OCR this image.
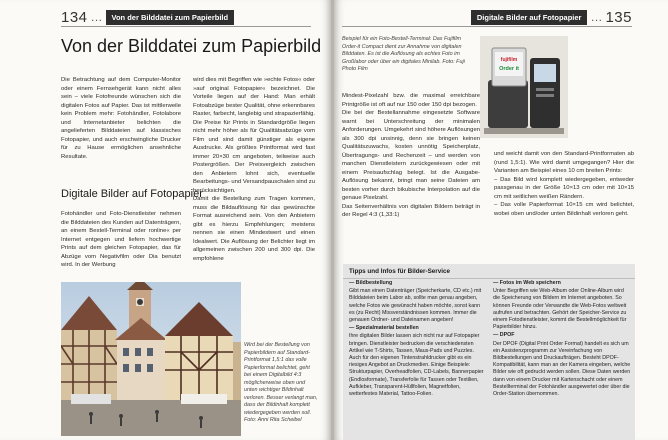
134 …	Von der Bilddatei zum Papierbild
Von der Bilddatei zum Papierbild

Die Betrachtung auf dem Computer-Monitor oder einem Fernsehgerät kann nicht alles sein – viele Fotofreunde wünschen sich die digitalen Fotos auf Papier. Das ist mittlerweile kein Problem mehr: Fotohändler, Fotolabore und Internetanbieter belichten die angelieferten Bilddateien auf klassisches Fotopapier, und auch erschwingliche Drucker für zu Hause ermöglichen ansehnliche Resultate.

Digitale Bilder auf Fotopapier

Fotohändler und Foto-Dienstleister nehmen die Bilddateien des Kunden auf Datenträgern, an einem Bestell-Terminal oder ronline« per Internet entgegen und liefern hochwertige Prints auf dem gleichen Fotopapier, das für Abzüge vom Negativfilm oder Dia benutzt wird. In der Werbung

wird dies mit Begriffen wie »echte Fotos« oder »auf original Fotopapier« bezeichnet. Die Vorteile liegen auf der Hand: Man erhält Fotoabzüge bester Qualität, ohne erkennbares Raster, farbecht, langlebig und strapazierfähig. Die Preise für Prints in Standardgröße liegen nicht mehr höher als für Qualitätsabzüge vom Film und sind damit günstiger als eigene Ausdrucke. Als größtes Printformat wird fast immer 20×30 cm angeboten, teilweise auch Postergrößen. Der Preisvergleich zwischen den Anbietern lohnt sich, eventuelle Bearbeitungs- und Versandpauschalen sind zu berücksichtigen.
Damit die Bestellung zum Tragen kommen, muss die Bildauflösung für das gewünschte Format ausreichend sein. Von den Anbietern gibt es hierzu Empfehlungen; meistens nennen sie einen Mindestwert und einen Idealwert. Die Auflösung der Belichter liegt im allgemeinen zwischen 200 und 300 dpi. Die empfohlene

Wird bei der Bestellung von Papierbildern auf Standard-Printformat 1,5:1 das volle Papierformat belichtet, geht bei einem Digitalbild 4:3 möglicherweise oben und unten wichtiger Bildinhalt verloren. Besser verlangt man, dass der Bildinhalt komplett wiedergegeben werden soll. Foto: Anni Rita Scheibel

Digitale Bilder auf Fotopapier … 135

Beispiel für ein Foto-Bestell-Terminal: Das Fujifilm Order-it Compact dient zur Annahme von digitalen Bilddaten. Es ist die Auflösung als echtes Foto im Großlabor oder über ein digitales Minilab. Foto: Fuji Photo Film

Mindest-Pixelzahl bzw. die maximal erreichbare Printgröße ist oft auf nur 150 oder 150 dpi bezogen.
Die bei der Bestellannahme eingesetzte Software warnt bei Unterschreitung der minimalen Anforderungen. Umgekehrt sind höhere Auflösungen als 300 dpi unsinnig, denn sie bringen keinen Qualitätszuwachs, kosten unnötig Speicherplatz, Übertragungs- und Rechenzeit – und werden von manchen Dienstleistern zurückgewiesen oder mit einem Preisaufschlag belegt. Ist die Ausgabe-Auflösung bekannt, bringt man seine Dateien am besten vorher durch bikubische Interpolation auf die genaue Pixelzahl.
Das Seitenverhältnis von digitalen Bildern beträgt in der Regel 4:3 (1,33:1)

und weicht damit von den Standard-Printformaten ab (rund 1,5:1). Wie wird damit umgegangen? Hier die Varianten am Beispiel eines 10 cm breiten Prints:
– Das Bild wird komplett wiedergegeben, entweder passgenau in der Größe 10×13 cm oder mit 10×15 cm mit seitlichen weißen Rändern.
– Das volle Papierformat 10×15 cm wird belichtet, wobei oben und/oder unten Bildinhalt verloren geht.

fujifilm
Order it
Tipps und Infos für Bilder-Service

— Bildbestellung

Gibt man einen Datenträger (Speicherkarte, CD etc.) mit Bilddateien beim Labor ab, sollte man genau angeben, welche Fotos wie gewünscht haben möchte, sonst kann es (zu Recht) Missverständnissen kommen. Immer die genauen Ordner- und Dateinamen angeben!

— Spezialmaterial bestellen

Ihre digitalen Bilder lassen sich nicht nur auf Fotopapier bringen. Dienstleister bedrucken die verschiedensten Artikel wie T-Shirts, Tassen, Maus-Pads und Puzzles. Auch für den eigenen Tintenstrahldrucker gibt es ein riesiges Angebot an Druckmedien. Einige Beispiele: Strukturpapier, Overheadfolien, CD-Labels, Bannerpapier (Endlosformate), Transferfolie für Tassen oder Textilien, Aufkleber, Transparent-Hüllfolien, Magnetfolien, wetterfestes Material, Tattoo-Folien.

— Fotos im Web speichern

Unter Begriffen wie Web-Album oder Online-Album wird die Speicherung von Bildern im Internet angeboten. So können Freunde oder Verwandte die Web-Fotos weltweit aufrufen und betrachten. Gehört der Speicher-Service zu einem Fotodienstleister, kommt die Bestellmöglichkeit für Papierbilder hinzu.

— DPOF

Der DPOF (Digital Print Order Format) handelt es sich um ein Assistenzprogramm zur Vereinfachung von Bildbestellungen und Druckaufträgen. Besteht DPOF-Kompatibilität, kann man an der Kamera eingeben, welche Bilder wie oft gedruckt werden sollen. Diese Daten werden dann von einem Drucker mit Kartenschacht oder einem Bestellterminal der Fotohändler ausgewertet oder über die Order-Station übernommen.
